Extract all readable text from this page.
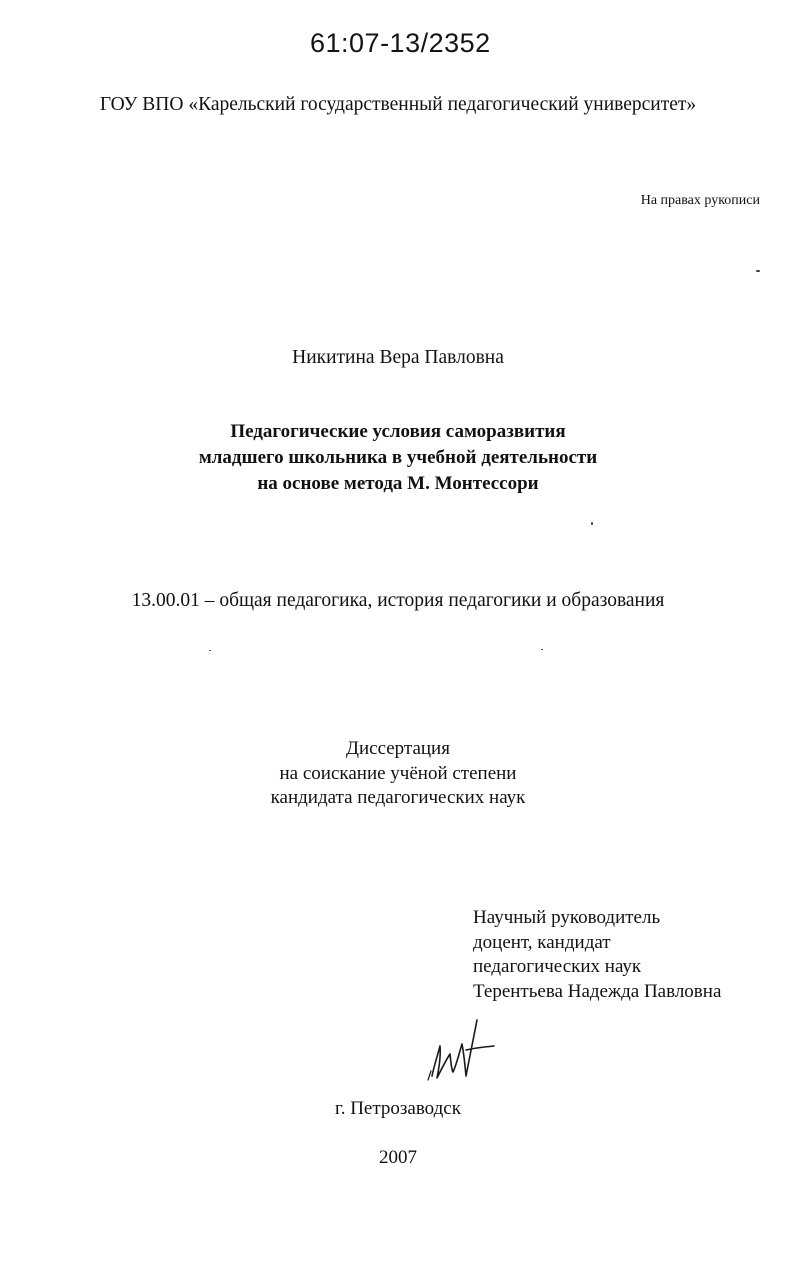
61:07-13/2352
ГОУ ВПО «Карельский государственный педагогический университет»
На правах рукописи
Никитина Вера Павловна
Педагогические условия саморазвития
младшего школьника в учебной деятельности
на основе метода М. Монтессори
13.00.01 – общая педагогика, история педагогики и образования
Диссертация
на соискание учёной степени
кандидата педагогических наук
Научный руководитель
доцент, кандидат
педагогических наук
Терентьева Надежда Павловна
г. Петрозаводск
2007
